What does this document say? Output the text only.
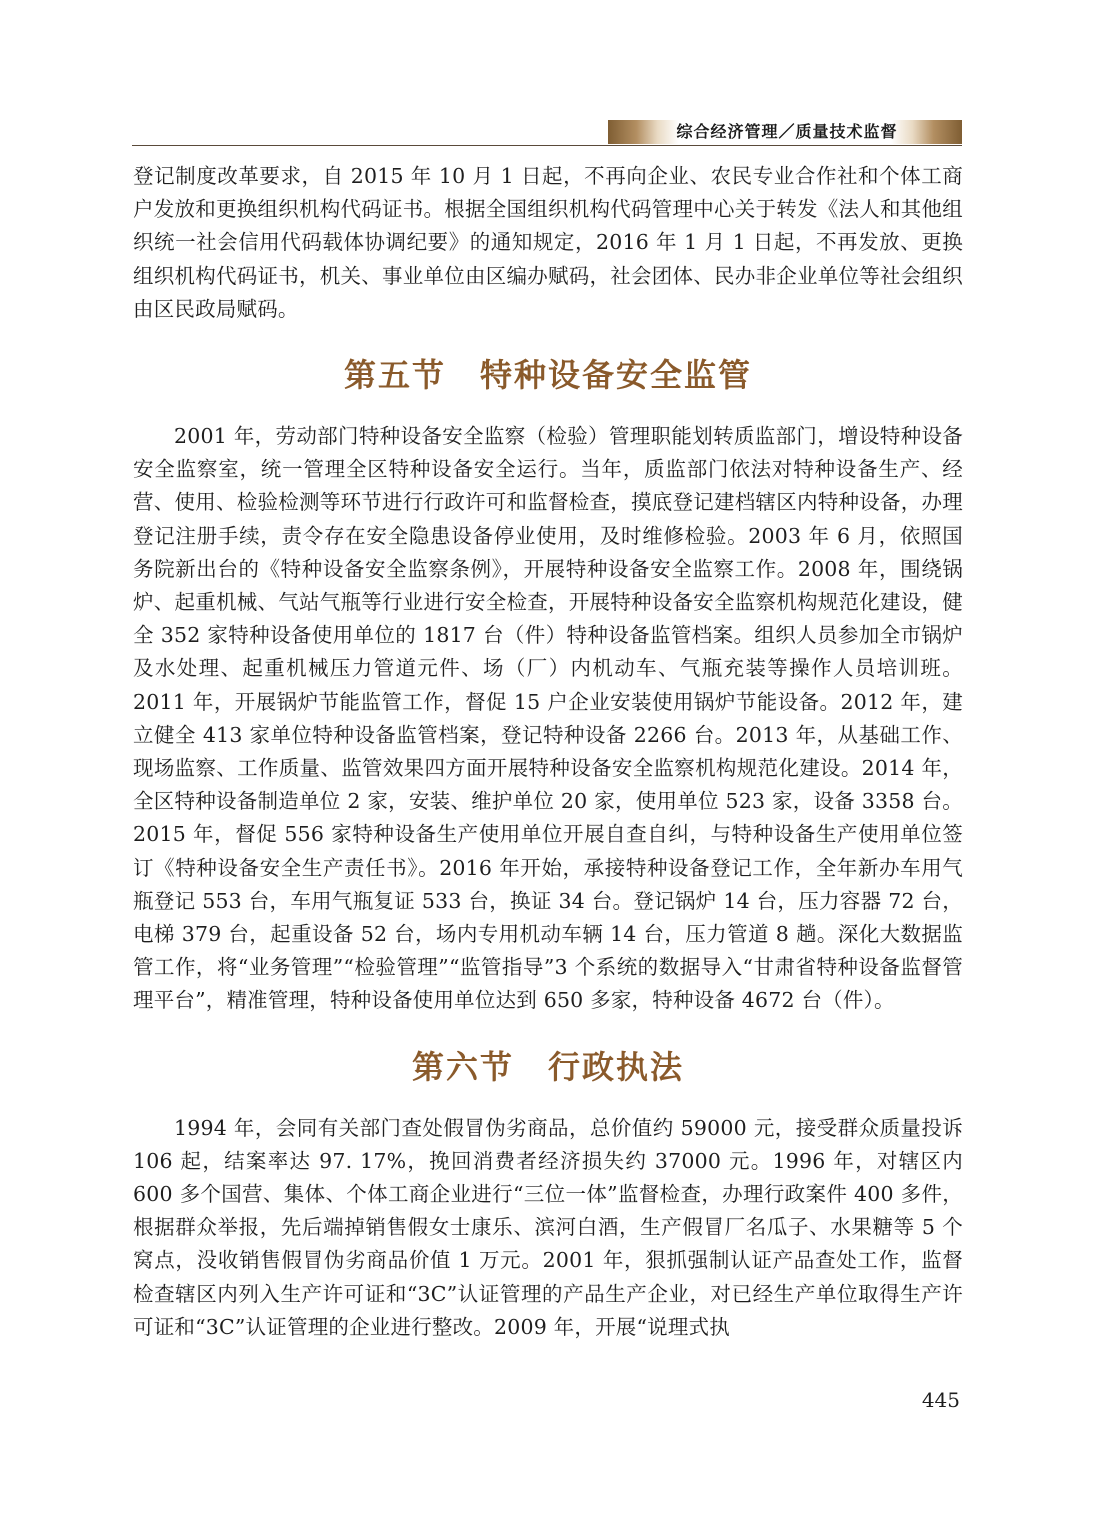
综合经济管理／质量技术监督

登记制度改革要求，自 2015 年 10 月 1 日起，不再向企业、农民专业合作社和个体工商户发放和更换组织机构代码证书。根据全国组织机构代码管理中心关于转发《法人和其他组织统一社会信用代码载体协调纪要》的通知规定，2016 年 1 月 1 日起，不再发放、更换组织机构代码证书，机关、事业单位由区编办赋码，社会团体、民办非企业单位等社会组织由区民政局赋码。

第五节　特种设备安全监管

2001 年，劳动部门特种设备安全监察（检验）管理职能划转质监部门，增设特种设备安全监察室，统一管理全区特种设备安全运行。当年，质监部门依法对特种设备生产、经营、使用、检验检测等环节进行行政许可和监督检查，摸底登记建档辖区内特种设备，办理登记注册手续，责令存在安全隐患设备停业使用，及时维修检验。2003 年 6 月，依照国务院新出台的《特种设备安全监察条例》，开展特种设备安全监察工作。2008 年，围绕锅炉、起重机械、气站气瓶等行业进行安全检查，开展特种设备安全监察机构规范化建设，健全 352 家特种设备使用单位的 1817 台（件）特种设备监管档案。组织人员参加全市锅炉及水处理、起重机械压力管道元件、场（厂）内机动车、气瓶充装等操作人员培训班。2011 年，开展锅炉节能监管工作，督促 15 户企业安装使用锅炉节能设备。2012 年，建立健全 413 家单位特种设备监管档案，登记特种设备 2266 台。2013 年，从基础工作、现场监察、工作质量、监管效果四方面开展特种设备安全监察机构规范化建设。2014 年，全区特种设备制造单位 2 家，安装、维护单位 20 家，使用单位 523 家，设备 3358 台。2015 年，督促 556 家特种设备生产使用单位开展自查自纠，与特种设备生产使用单位签订《特种设备安全生产责任书》。2016 年开始，承接特种设备登记工作，全年新办车用气瓶登记 553 台，车用气瓶复证 533 台，换证 34 台。登记锅炉 14 台，压力容器 72 台，电梯 379 台，起重设备 52 台，场内专用机动车辆 14 台，压力管道 8 趟。深化大数据监管工作，将“业务管理”“检验管理”“监管指导”3 个系统的数据导入“甘肃省特种设备监督管理平台”，精准管理，特种设备使用单位达到 650 多家，特种设备 4672 台（件）。

第六节　行政执法

1994 年，会同有关部门查处假冒伪劣商品，总价值约 59000 元，接受群众质量投诉 106 起，结案率达 97. 17%，挽回消费者经济损失约 37000 元。1996 年，对辖区内 600 多个国营、集体、个体工商企业进行“三位一体”监督检查，办理行政案件 400 多件，根据群众举报，先后端掉销售假女士康乐、滨河白酒，生产假冒厂名瓜子、水果糖等 5 个窝点，没收销售假冒伪劣商品价值 1 万元。2001 年，狠抓强制认证产品查处工作，监督检查辖区内列入生产许可证和“3C”认证管理的产品生产企业，对已经生产单位取得生产许可证和“3C”认证管理的企业进行整改。2009 年，开展“说理式执

445
